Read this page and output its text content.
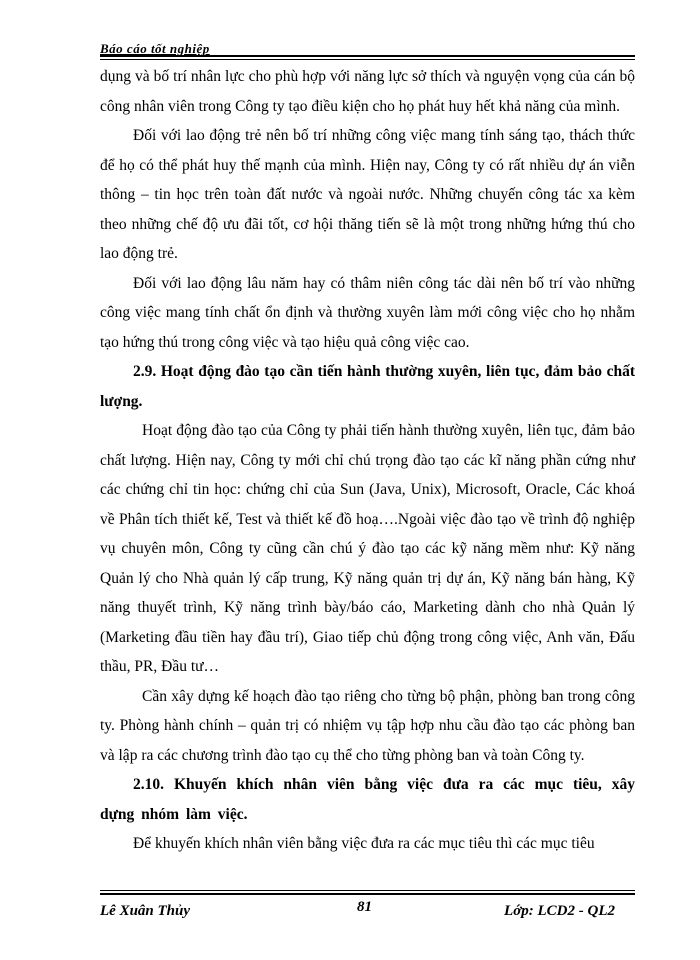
Báo cáo tốt nghiệp

dụng và bố trí nhân lực cho phù hợp với năng lực sở thích và nguyện vọng của cán bộ công nhân viên trong Công ty tạo điều kiện cho họ phát huy hết khả năng của mình.

Đối với lao động trẻ nên bố trí những công việc mang tính sáng tạo, thách thức để họ có thể phát huy thế mạnh của mình. Hiện nay, Công ty có rất nhiều dự án viễn thông – tin học trên toàn đất nước và ngoài nước. Những chuyến công tác xa kèm theo những chế độ ưu đãi tốt, cơ hội thăng tiến sẽ là một trong những hứng thú cho lao động trẻ.

Đối với lao động lâu năm hay có thâm niên công tác dài nên bố trí vào những công việc mang tính chất ổn định và thường xuyên làm mới công việc cho họ nhằm tạo hứng thú trong công việc và tạo hiệu quả công việc cao.

2.9. Hoạt động đào tạo cần tiến hành thường xuyên, liên tục, đảm bảo chất lượng.

Hoạt động đào tạo của Công ty phải tiến hành thường xuyên, liên tục, đảm bảo chất lượng. Hiện nay, Công ty mới chỉ chú trọng đào tạo các kĩ năng phần cứng như các chứng chỉ tin học: chứng chỉ của Sun (Java, Unix), Microsoft, Oracle, Các khoá về Phân tích thiết kế, Test và thiết kế đồ hoạ….Ngoài việc đào tạo về trình độ nghiệp vụ chuyên môn, Công ty cũng cần chú ý đào tạo các kỹ năng mềm như: Kỹ năng Quản lý cho Nhà quản lý cấp trung, Kỹ năng quản trị dự án, Kỹ năng bán hàng, Kỹ năng thuyết trình, Kỹ năng trình bày/báo cáo, Marketing dành cho nhà Quản lý (Marketing đầu tiền hay đầu trí), Giao tiếp chủ động trong công việc, Anh văn, Đấu thầu, PR, Đầu tư…

Cần xây dựng kế hoạch đào tạo riêng cho từng bộ phận, phòng ban trong công ty. Phòng hành chính – quản trị có nhiệm vụ tập hợp nhu cầu đào tạo các phòng ban và lập ra các chương trình đào tạo cụ thể cho từng phòng ban và toàn Công ty.

2.10. Khuyến khích nhân viên bằng việc đưa ra các mục tiêu, xây dựng nhóm làm việc.

Để khuyến khích nhân viên bằng việc đưa ra các mục tiêu thì các mục tiêu

Lê Xuân Thủy	81	Lớp: LCD2 - QL2
